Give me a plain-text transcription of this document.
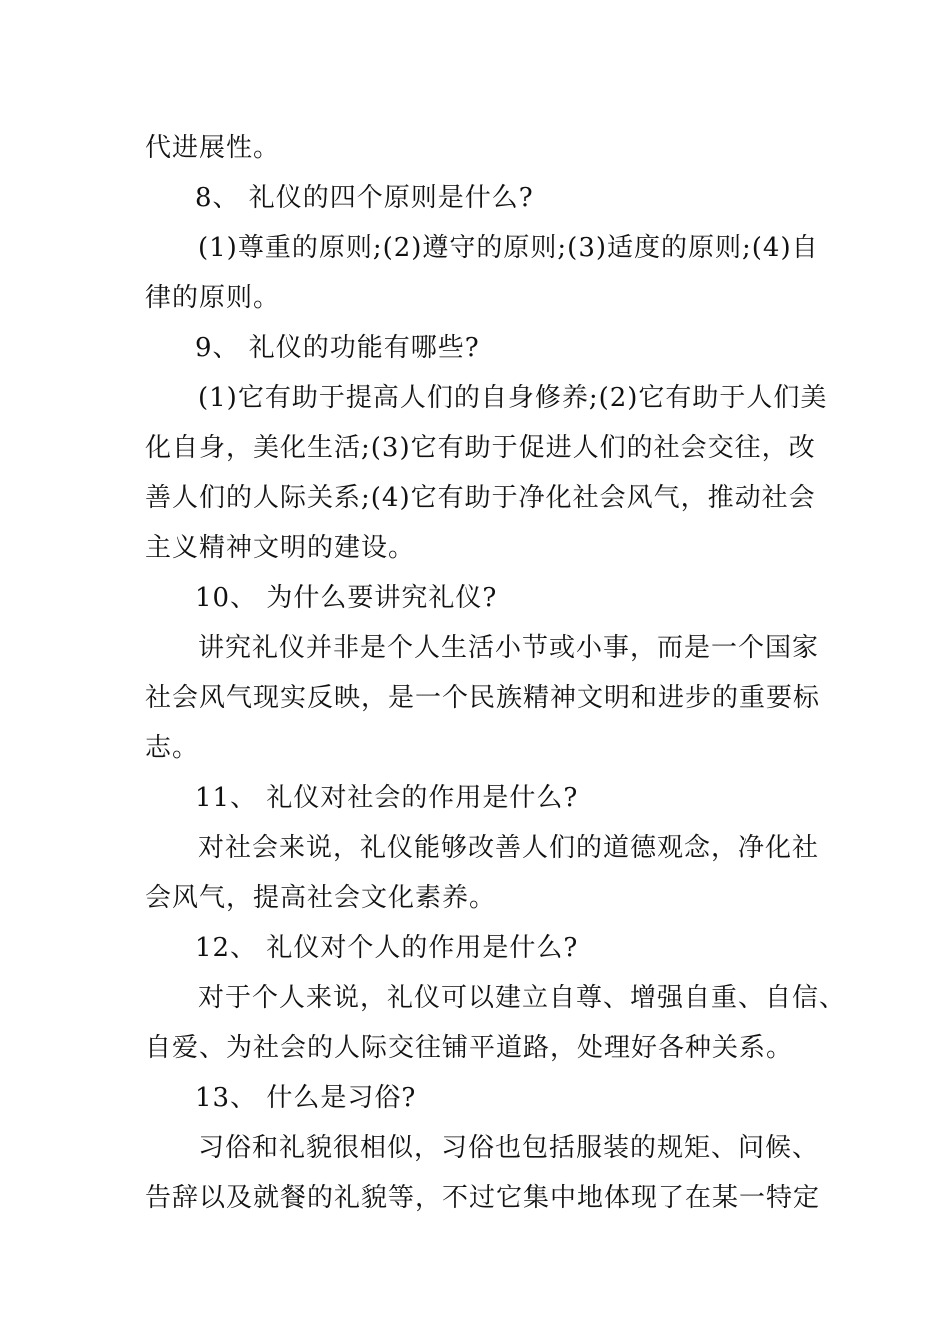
代进展性。
8、 礼仪的四个原则是什么?
(1)尊重的原则;(2)遵守的原则;(3)适度的原则;(4)自
律的原则。
9、 礼仪的功能有哪些?
(1)它有助于提高人们的自身修养;(2)它有助于人们美
化自身，美化生活;(3)它有助于促进人们的社会交往，改
善人们的人际关系;(4)它有助于净化社会风气，推动社会
主义精神文明的建设。
10、 为什么要讲究礼仪?
讲究礼仪并非是个人生活小节或小事，而是一个国家
社会风气现实反映，是一个民族精神文明和进步的重要标
志。
11、 礼仪对社会的作用是什么?
对社会来说，礼仪能够改善人们的道德观念，净化社
会风气，提高社会文化素养。
12、 礼仪对个人的作用是什么?
对于个人来说，礼仪可以建立自尊、增强自重、自信、
自爱、为社会的人际交往铺平道路，处理好各种关系。
13、 什么是习俗?
习俗和礼貌很相似，习俗也包括服装的规矩、问候、
告辞以及就餐的礼貌等，不过它集中地体现了在某一特定
